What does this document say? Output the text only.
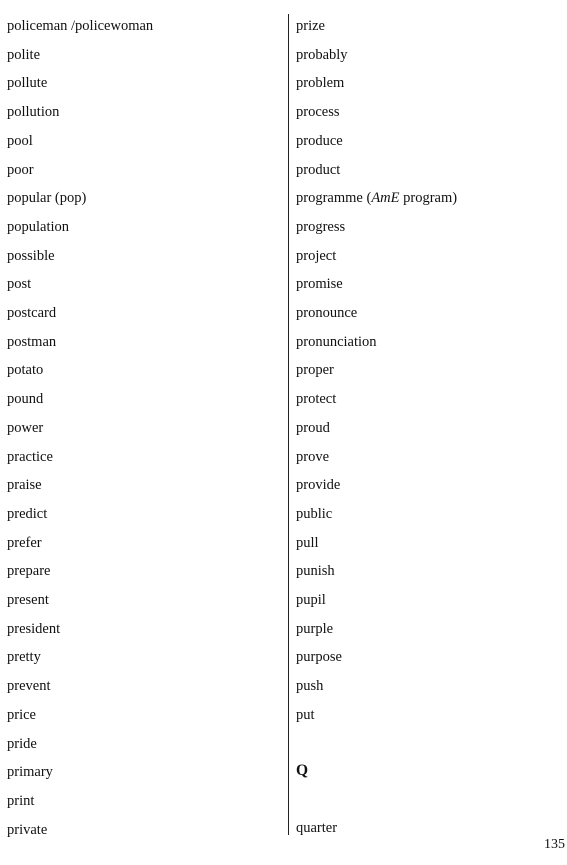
policeman /policewoman
polite
pollute
pollution
pool
poor
popular (pop)
population
possible
post
postcard
postman
potato
pound
power
practice
praise
predict
prefer
prepare
present
president
pretty
prevent
price
pride
primary
print
private
prize
probably
problem
process
produce
product
programme (AmE program)
progress
project
promise
pronounce
pronunciation
proper
protect
proud
prove
provide
public
pull
punish
pupil
purple
purpose
push
put
Q
quarter
135
